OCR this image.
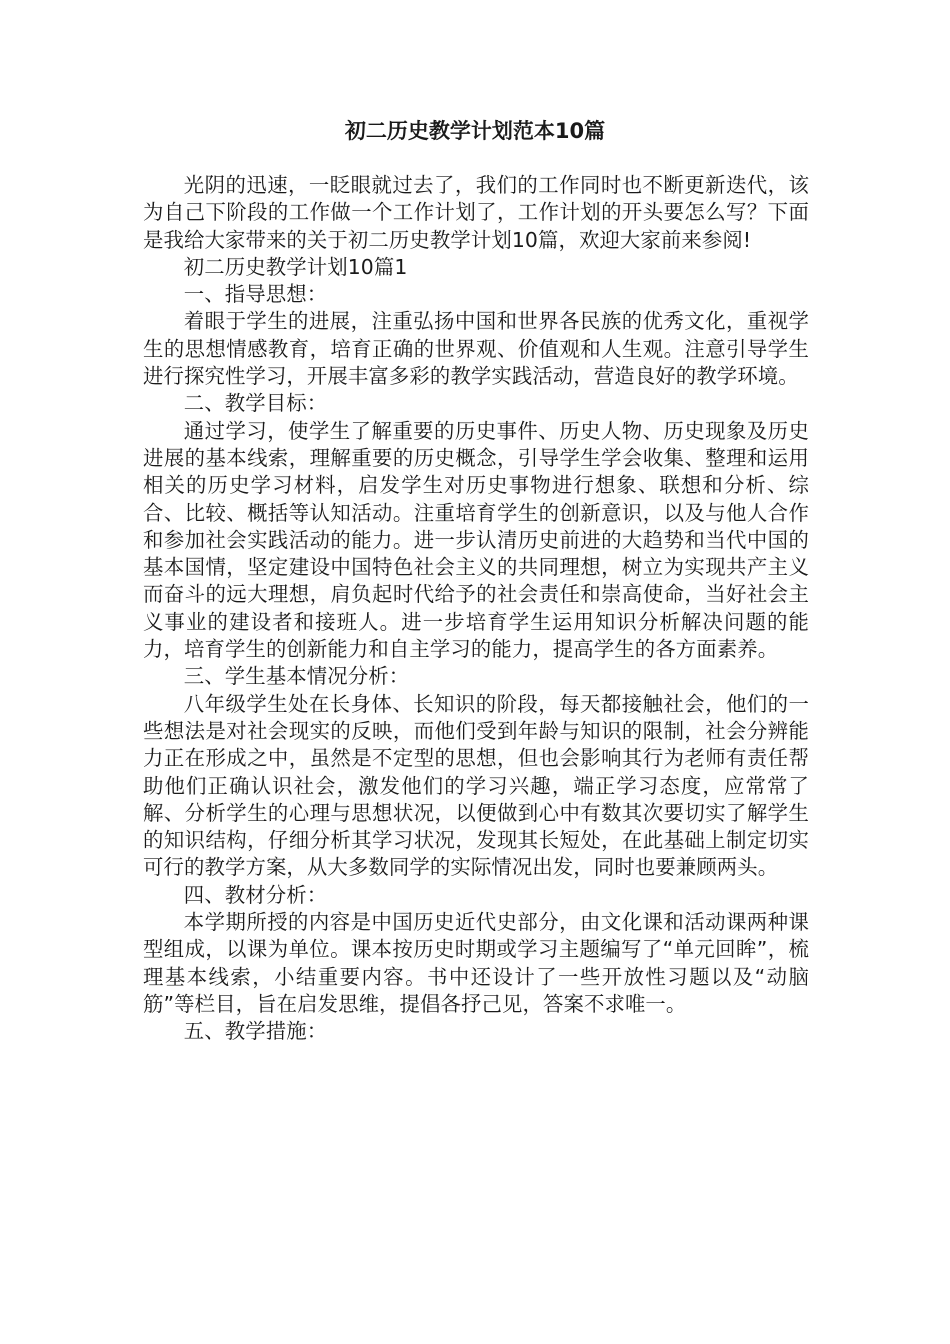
初二历史教学计划范本10篇

光阴的迅速，一眨眼就过去了，我们的工作同时也不断更新迭代，该为自己下阶段的工作做一个工作计划了，工作计划的开头要怎么写？下面是我给大家带来的关于初二历史教学计划10篇，欢迎大家前来参阅!

初二历史教学计划10篇1

一、指导思想：

着眼于学生的进展，注重弘扬中国和世界各民族的优秀文化，重视学生的思想情感教育，培育正确的世界观、价值观和人生观。注意引导学生进行探究性学习，开展丰富多彩的教学实践活动，营造良好的教学环境。

二、教学目标：

通过学习，使学生了解重要的历史事件、历史人物、历史现象及历史进展的基本线索，理解重要的历史概念，引导学生学会收集、整理和运用相关的历史学习材料，启发学生对历史事物进行想象、联想和分析、综合、比较、概括等认知活动。注重培育学生的创新意识，以及与他人合作和参加社会实践活动的能力。进一步认清历史前进的大趋势和当代中国的基本国情，坚定建设中国特色社会主义的共同理想，树立为实现共产主义而奋斗的远大理想，肩负起时代给予的社会责任和崇高使命，当好社会主义事业的建设者和接班人。进一步培育学生运用知识分析解决问题的能力，培育学生的创新能力和自主学习的能力，提高学生的各方面素养。

三、学生基本情况分析：

八年级学生处在长身体、长知识的阶段，每天都接触社会，他们的一些想法是对社会现实的反映，而他们受到年龄与知识的限制，社会分辨能力正在形成之中，虽然是不定型的思想，但也会影响其行为老师有责任帮助他们正确认识社会，激发他们的学习兴趣，端正学习态度，应常常了解、分析学生的心理与思想状况，以便做到心中有数其次要切实了解学生的知识结构，仔细分析其学习状况，发现其长短处，在此基础上制定切实可行的教学方案，从大多数同学的实际情况出发，同时也要兼顾两头。

四、教材分析：

本学期所授的内容是中国历史近代史部分，由文化课和活动课两种课型组成，以课为单位。课本按历史时期或学习主题编写了“单元回眸”，梳理基本线索，小结重要内容。书中还设计了一些开放性习题以及“动脑筋”等栏目，旨在启发思维，提倡各抒己见，答案不求唯一。

五、教学措施：
